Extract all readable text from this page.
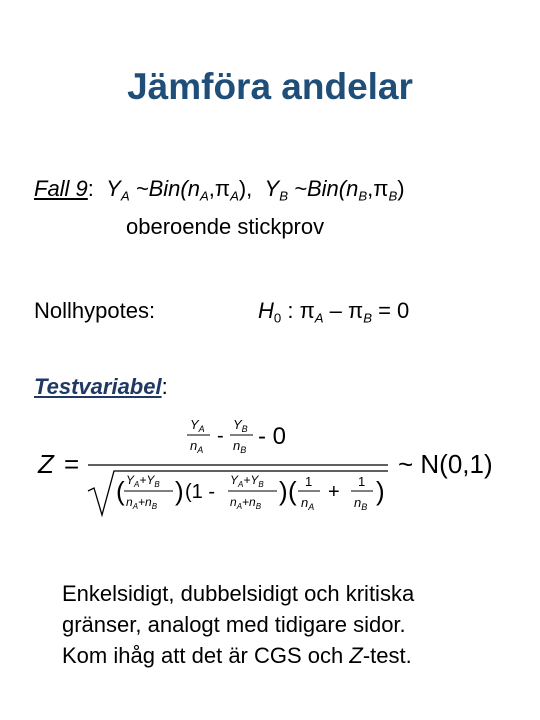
Jämföra andelar
Fall 9:  $Y_A$ $\sim Bin(n_A,\pi_A)$,  $Y_B$ $\sim Bin(n_B,\pi_B)$
oberoende stickprov
Nollhypotes:	$H_0$ : $\pi_A - \pi_B = 0$
Testvariabel:
Z =
$Y_A$
$n_A$
-
$Y_B$
$n_B - 0$
( $Y_A+Y_B$
$n_A+n_B$
) (1 -
$Y_A+Y_B$
$n_A+n_B$
) ( 1
$n_A$
+ 1
$n_B$
)
~ N(0,1)
Enkelsidigt, dubbelsidigt och kritiska
gränser, analogt med tidigare sidor.
Kom ihåg att det är CGS och Z-test.
